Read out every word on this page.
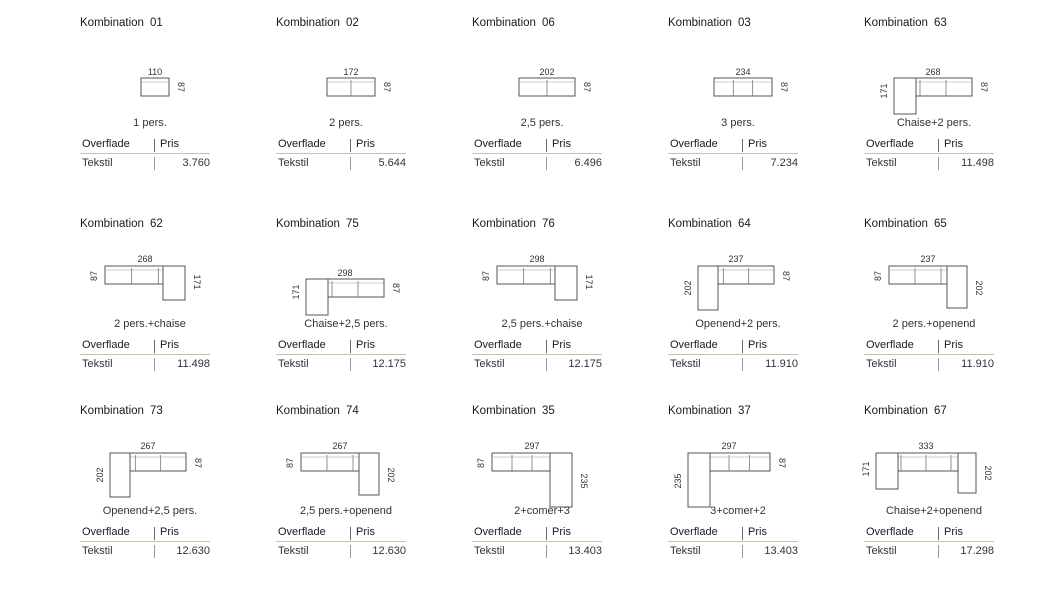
Kombination 01
110
87
1 pers.
Overflade	Pris
Tekstil	3.760
Kombination 02
172
87
2 pers.
Overflade	Pris
Tekstil	5.644
Kombination 06
202
87
2,5 pers.
Overflade	Pris
Tekstil	6.496
Kombination 03
234
87
3 pers.
Overflade	Pris
Tekstil	7.234
Kombination 63
268
171	87
Chaise+2 pers.
Overflade	Pris
Tekstil	11.498
Kombination 62
268
87	171
2 pers.+chaise
Overflade	Pris
Tekstil	11.498
Kombination 75
298
171	87
Chaise+2,5 pers.
Overflade	Pris
Tekstil	12.175
Kombination 76
298
87	171
2,5 pers.+chaise
Overflade	Pris
Tekstil	12.175
Kombination 64
237
202
87
Openend+2 pers.
Overflade	Pris
Tekstil	11.910
Kombination 65
237
87
202
2 pers.+openend
Overflade	Pris
Tekstil	11.910
Kombination 73
267
202
87
Openend+2,5 pers.
Overflade	Pris
Tekstil	12.630
Kombination 74
267
87
202
2,5 pers.+openend
Overflade	Pris
Tekstil	12.630
Kombination 35
297
87
235
2+comer+3
Overflade	Pris
Tekstil	13.403
Kombination 37
297
235
87
3+comer+2
Overflade	Pris
Tekstil	13.403
Kombination 67
333
171	202
Chaise+2+openend
Overflade	Pris
Tekstil	17.298
